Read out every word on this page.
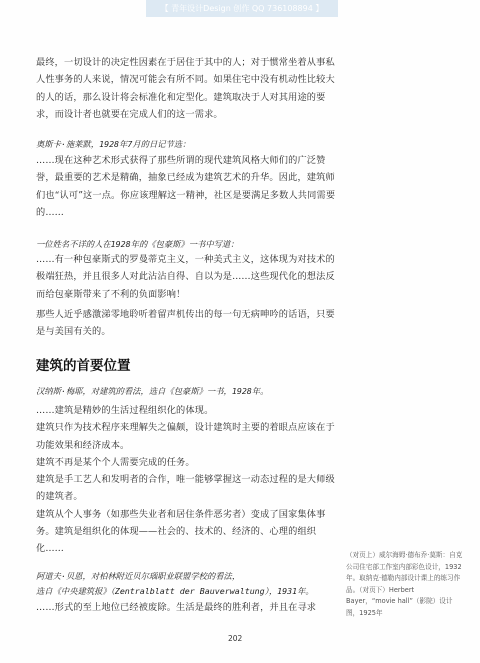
【 青年设计Design 创作 QQ 736108894 】

最终，一切设计的决定性因素在于居住于其中的人；对于惯常坐着从事私人性事务的人来说，情况可能会有所不同。如果住宅中没有机动性比较大的人的话，那么设计将会标准化和定型化。建筑取决于人对其用途的要求，而设计者也就要在完成人们的这一需求。

奥斯卡·施莱默，1928年7月的日记节选：

……现在这种艺术形式获得了那些所谓的现代建筑风格大师们的广泛赞誉，最重要的艺术是精确，抽象已经成为建筑艺术的升华。因此，建筑师们也“认可”这一点。你应该理解这一精神，社区是要满足多数人共同需要的……

一位姓名不详的人在1928年的《包豪斯》一书中写道：

……有一种包豪斯式的罗曼蒂克主义，一种美式主义，这体现为对技术的极端狂热，并且很多人对此沾沾自得、自以为是……这些现代化的想法反而给包豪斯带来了不利的负面影响！

那些人近乎感激涕零地聆听着留声机传出的每一句无病呻吟的话语，只要是与美国有关的。

建筑的首要位置

汉纳斯·梅耶，对建筑的看法，选自《包豪斯》一书，1928年。

……建筑是精妙的生活过程组织化的体现。
建筑只作为技术程序来理解失之偏颇，设计建筑时主要的着眼点应该在于功能效果和经济成本。
建筑不再是某个个人需要完成的任务。
建筑是手工艺人和发明者的合作，唯一能够掌握这一动态过程的是大师级的建筑者。
建筑从个人事务（如那些失业者和居住条件恶劣者）变成了国家集体事务。建筑是组织化的体现——社会的、技术的、经济的、心理的组织化……

阿道夫·贝恩，对柏林附近贝尔瑙职业联盟学校的看法，

选自《中央建筑报》（Zentralblatt der Bauverwaltung），1931年。

……形式的至上地位已经被废除。生活是最终的胜利者，并且在寻求

（对页上）威尔海姆·德布乔·莫斯：自克公司住宅部工作室内部彩色设计，1932年。取纳克·德勒内部设计课上的练习作品。（对页下）Herbert Bayer，“movie hall”（影院）设计图，1925年

202
